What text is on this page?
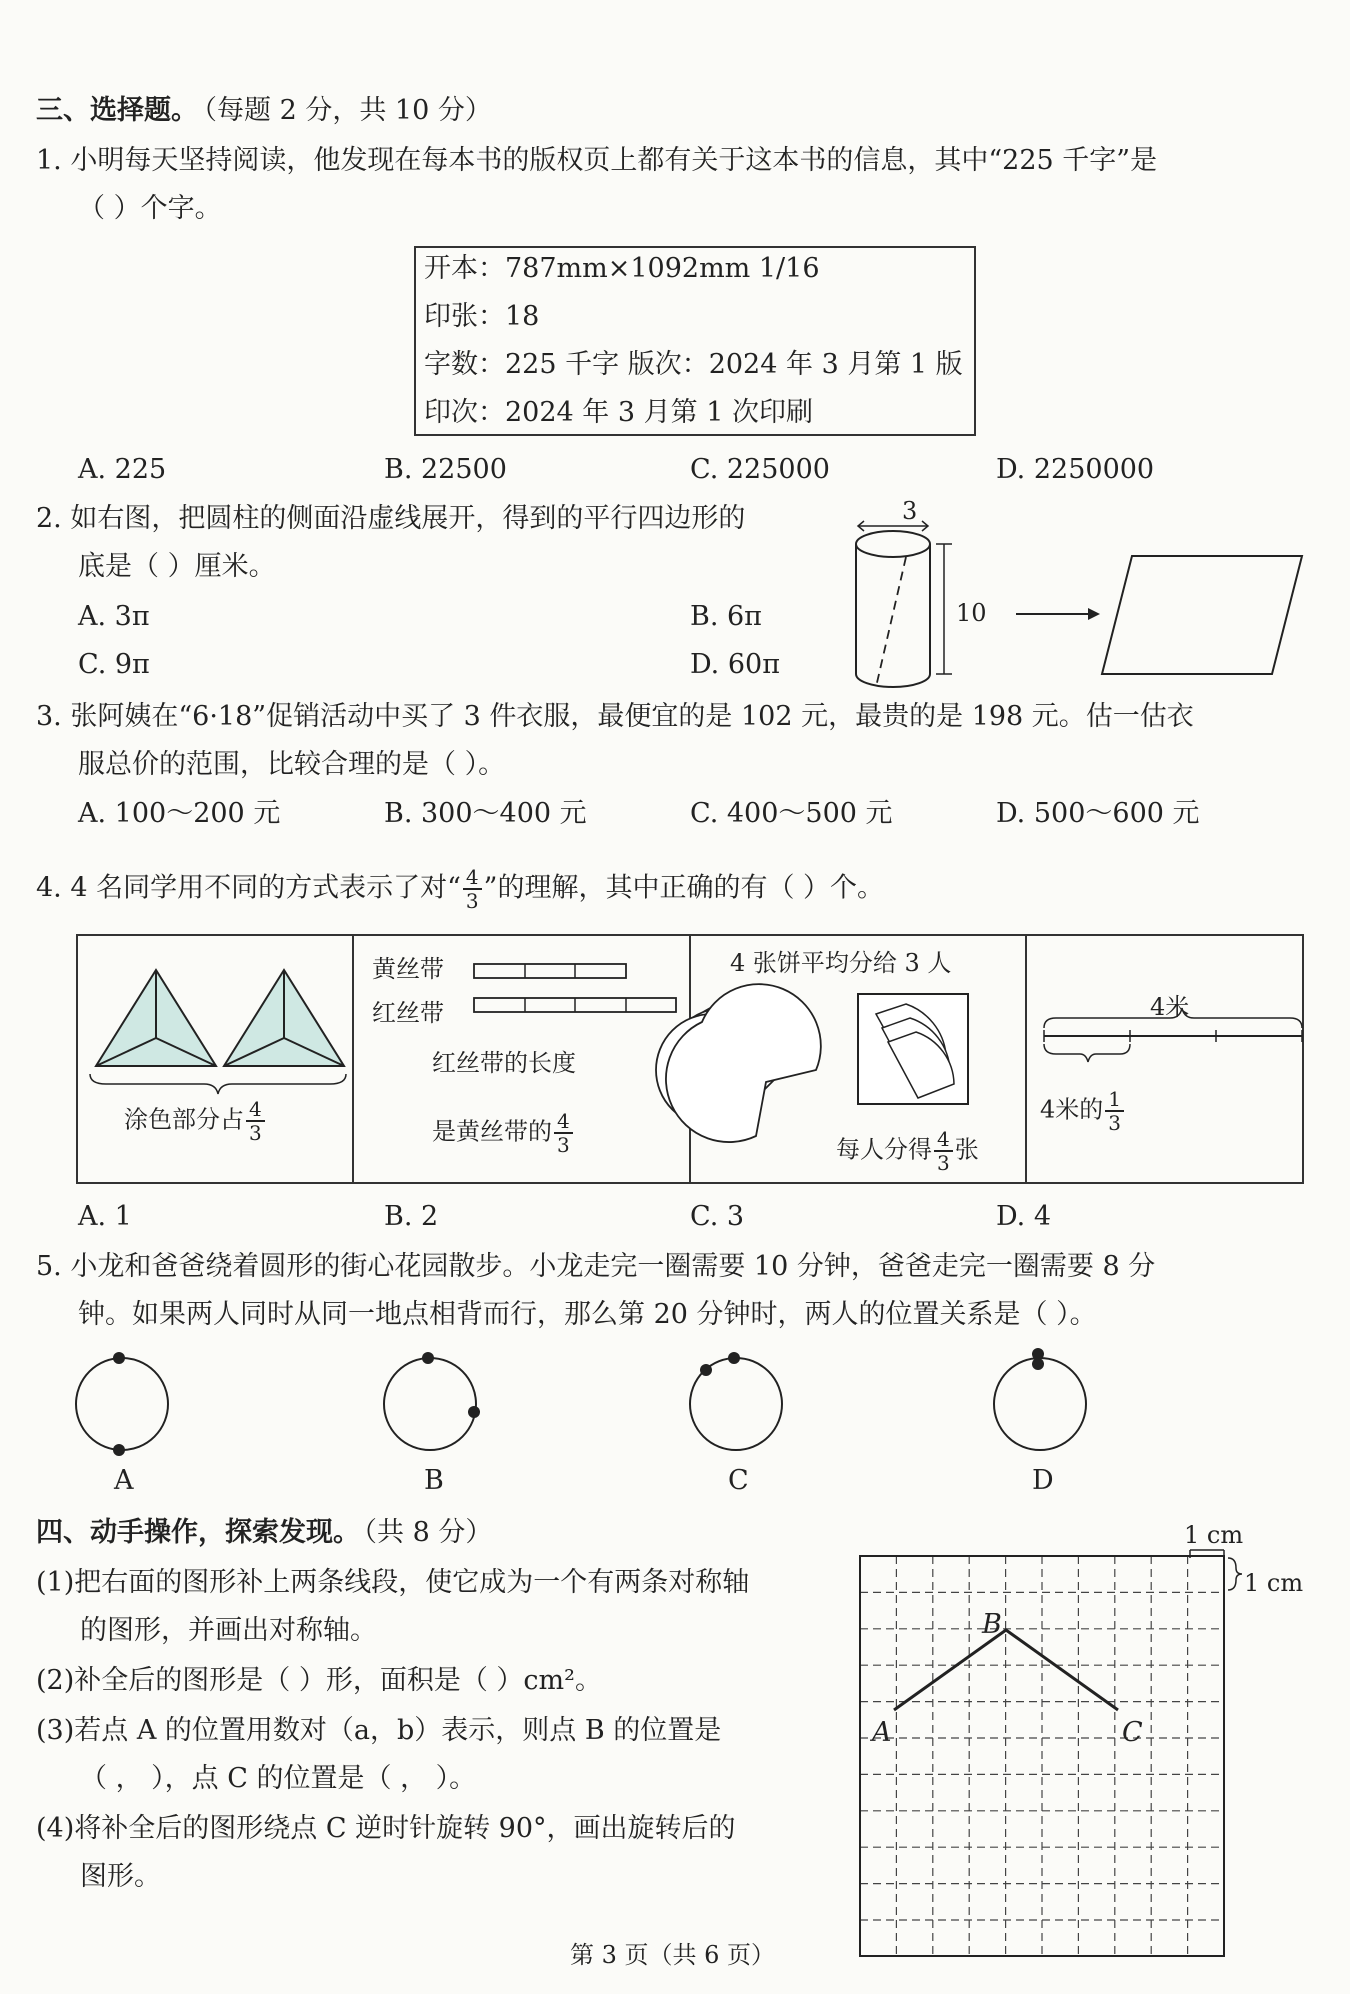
三、选择题。
（每题 2 分，共 10 分）
1. 小明每天坚持阅读，他发现在每本书的版权页上都有关于这本书的信息，其中“225 千字”是
（ ）个字。
开本：787mm×1092mm 1/16
印张：18
字数：225 千字 版次：2024 年 3 月第 1 版
印次：2024 年 3 月第 1 次印刷
A. 225	B. 22500	C. 225000	D. 2250000
2. 如右图，把圆柱的侧面沿虚线展开，得到的平行四边形的
底是（ ）厘米。
A. 3π	B. 6π
C. 9π	D. 60π
3
10
3. 张阿姨在“6·18”促销活动中买了 3 件衣服，最便宜的是 102 元，最贵的是 198 元。估一估衣
服总价的范围，比较合理的是（ ）。
A. 100～200 元	B. 300～400 元	C. 400～500 元	D. 500～600 元
4. 4 名同学用不同的方式表示了对“ $\frac{4}{3}$ ”的理解，其中正确的有（ ）个。
涂色部分占 $\frac{4}{3}$
黄丝带
红丝带
红丝带的长度
是黄丝带的 $\frac{4}{3}$
4 张饼平均分给 3 人
每人分得 $\frac{4}{3}$ 张
4米
4米的 $\frac{1}{3}$
A. 1	B. 2	C. 3	D. 4
5. 小龙和爸爸绕着圆形的街心花园散步。小龙走完一圈需要 10 分钟，爸爸走完一圈需要 8 分
钟。如果两人同时从同一地点相背而行，那么第 20 分钟时，两人的位置关系是（ ）。
A	B	C	D
四、动手操作，探索发现。
（共 8 分）
(1)把右面的图形补上两条线段，使它成为一个有两条对称轴
的图形，并画出对称轴。
(2)补全后的图形是（ ）形，面积是（ ）cm²。
(3)若点 A 的位置用数对（a，b）表示，则点 B 的位置是
（ ， ），点 C 的位置是（ ， ）。
(4)将补全后的图形绕点 C 逆时针旋转 90°，画出旋转后的
图形。
1 cm
1 cm
A
B
C
第 3 页（共 6 页）
